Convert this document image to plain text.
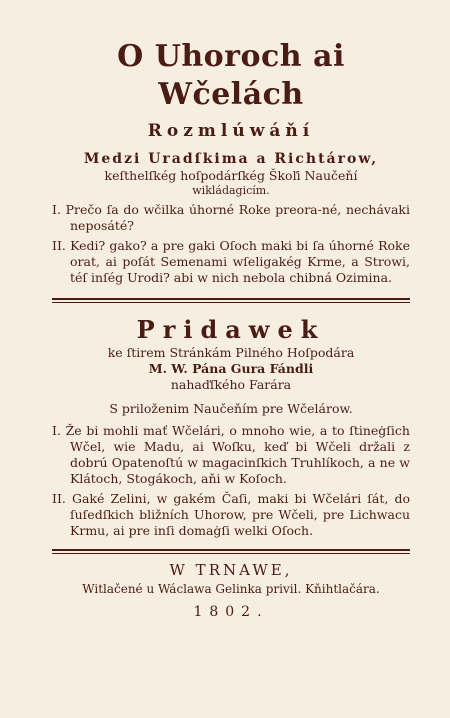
O Uhoroch ai Wčelách
Rozmlúwáňí
Medzi Uradſkima a Richtárow,
keſthelſkég hoſpodárſkég Škoľi Naučeňí
wikládagicím.
I. Prečo ſa do wčilka úhorné Roke preora-né, nechávaki neposáté?
II. Kedi? gako? a pre gaki Oſoch maki bi ſa úhorné Roke orat, ai poſát Semenami wſeligakég Krme, a Strowi, téſ inſég Urodi? abi w nich nebola chibná Ozimina.
Pridawek
ke ſtirem Stránkám Pilného Hoſpodára
M. W. Pána Gura Fándli
nahaďſkého Farára
S priloženim Naučeňím pre Wčelárow.
I. Že bi mohli mať Wčelári, o mnoho wie, a to ſtineġſich Wčel, wie Madu, ai Woſku, keď bi Wčeli držali z dobrú Opatenoſtú w magacinſkich Truhlíkoch, a ne w Klátoch, Stogákoch, aňi w Koſoch.
II. Gaké Zelini, w gakém Čaſi, maki bi Wčelári ſát, do ſuſedſkich bližních Uhorow, pre Wčeli, pre Lichwacu Krmu, ai pre inſi domaġſi welki Oſoch.
W TRNAWE,
Witlačené u Wáclawa Gelinka privil. Kňihtlačára.
1802.
